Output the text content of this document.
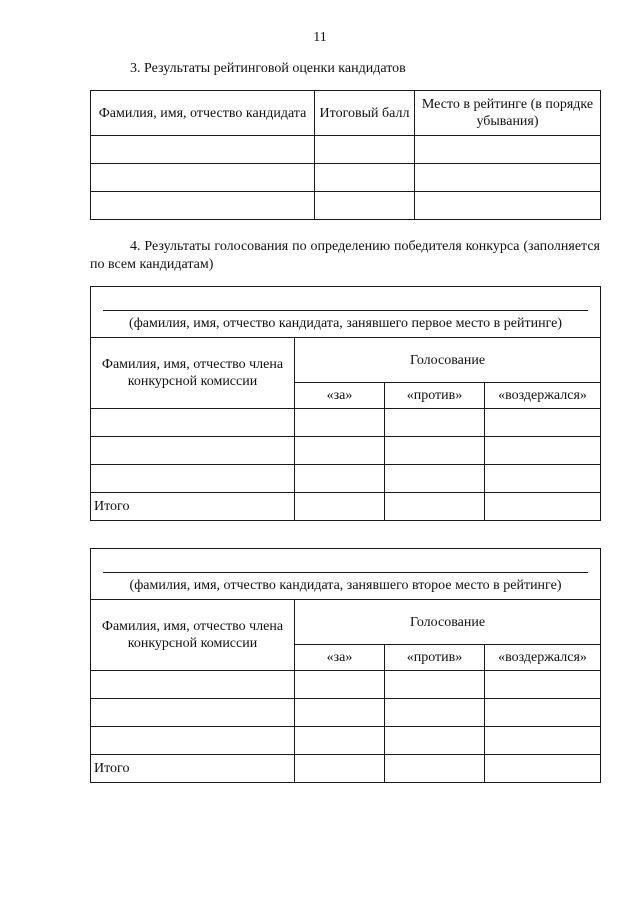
11
3. Результаты рейтинговой оценки кандидатов
Фамилия, имя, отчество кандидата	Итоговый балл	Место в рейтинге (в порядке убывания)

4. Результаты голосования по определению победителя конкурса (заполняется по всем кандидатам)
(фамилия, имя, отчество кандидата, занявшего первое место в рейтинге)			

Фамилия, имя, отчество члена конкурсной комиссии	Голосование		
	«за»	«против»	«воздержался»

Итого			
(фамилия, имя, отчество кандидата, занявшего второе место в рейтинге)			

Фамилия, имя, отчество члена конкурсной комиссии	Голосование		
	«за»	«против»	«воздержался»

Итого			
